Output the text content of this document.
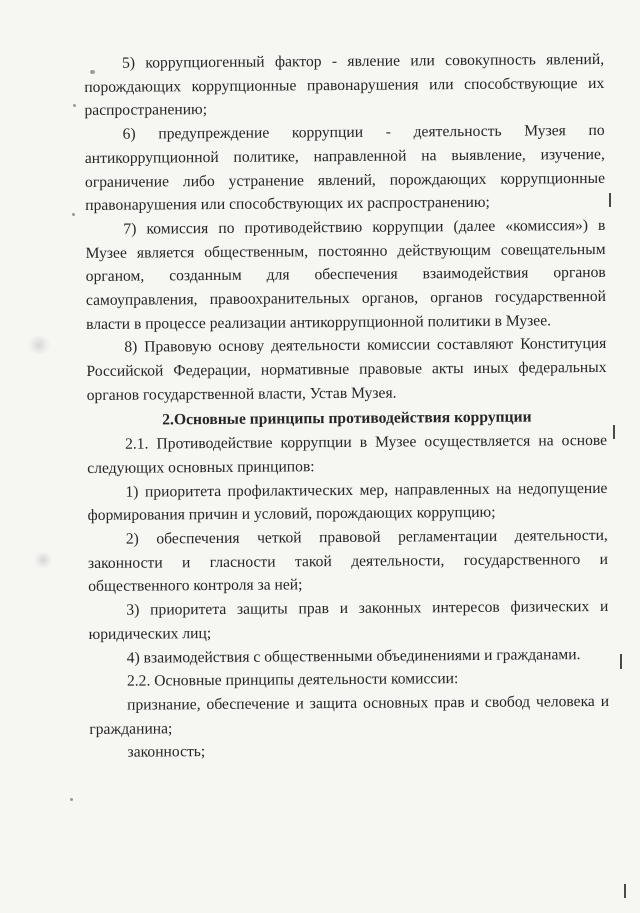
5) коррупциогенный фактор - явление или совокупность явлений, порождающих коррупционные правонарушения или способствующие их распространению;

6) предупреждение коррупции - деятельность Музея по антикоррупционной политике, направленной на выявление, изучение, ограничение либо устранение явлений, порождающих коррупционные правонарушения или способствующих их распространению;

7) комиссия по противодействию коррупции (далее «комиссия») в Музее является общественным, постоянно действующим совещательным органом, созданным для обеспечения взаимодействия органов самоуправления, правоохранительных органов, органов государственной власти в процессе реализации антикоррупционной политики в Музее.

8) Правовую основу деятельности комиссии составляют Конституция Российской Федерации, нормативные правовые акты иных федеральных органов государственной власти, Устав Музея.

2.Основные принципы противодействия коррупции

2.1. Противодействие коррупции в Музее осуществляется на основе следующих основных принципов:

1) приоритета профилактических мер, направленных на недопущение формирования причин и условий, порождающих коррупцию;

2) обеспечения четкой правовой регламентации деятельности, законности и гласности такой деятельности, государственного и общественного контроля за ней;

3) приоритета защиты прав и законных интересов физических и юридических лиц;

4) взаимодействия с общественными объединениями и гражданами.

2.2. Основные принципы деятельности комиссии:

признание, обеспечение и защита основных прав и свобод человека и гражданина;

законность;
